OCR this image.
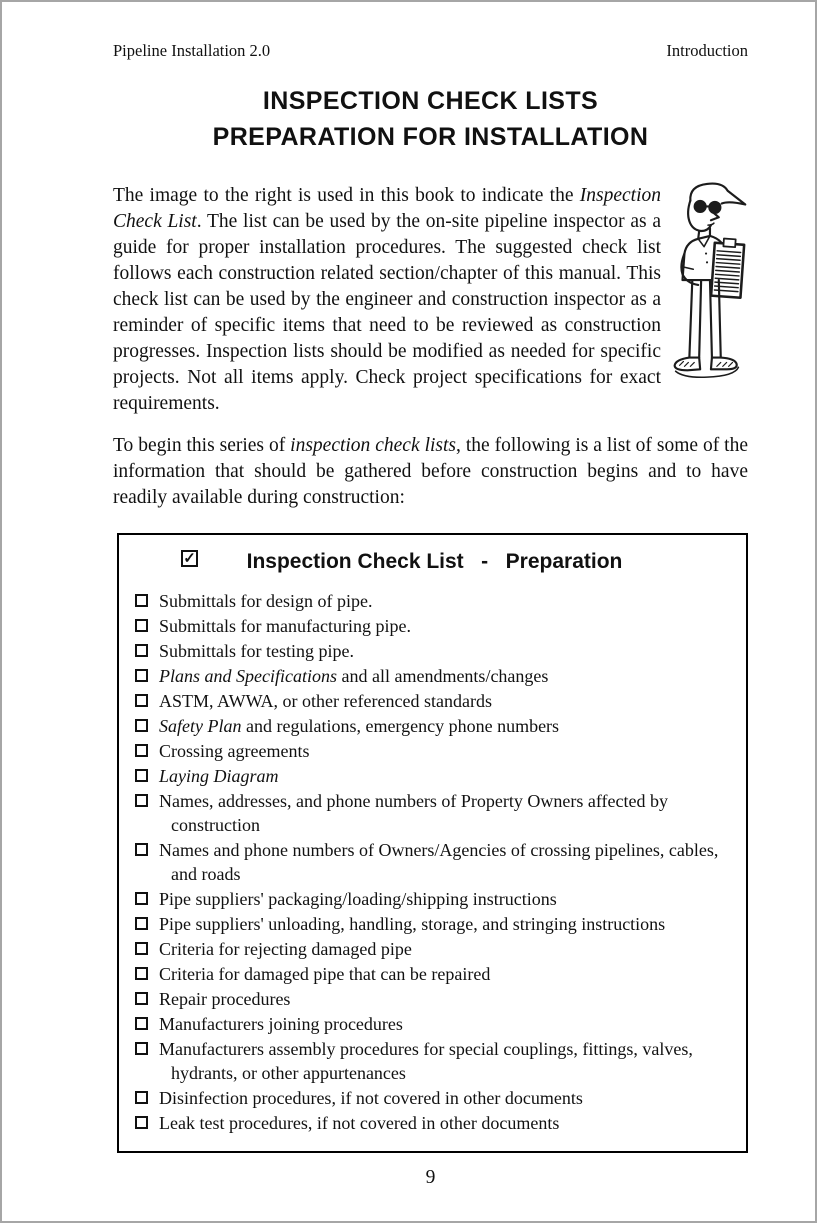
Pipeline Installation 2.0	Introduction
INSPECTION CHECK LISTS
PREPARATION FOR INSTALLATION

The image to the right is used in this book to indicate the Inspection Check List. The list can be used by the on-site pipeline inspector as a guide for proper installation procedures. The suggested check list follows each construction related section/chapter of this manual. This check list can be used by the engineer and construction inspector as a reminder of specific items that need to be reviewed as construction progresses. Inspection lists should be modified as needed for specific projects. Not all items apply. Check project specifications for exact requirements.

To begin this series of inspection check lists, the following is a list of some of the information that should be gathered before construction begins and to have readily available during construction:

✓	Inspection Check List   -   Preparation
Submittals for design of pipe.
Submittals for manufacturing pipe.
Submittals for testing pipe.
Plans and Specifications and all amendments/changes
ASTM, AWWA, or other referenced standards
Safety Plan and regulations, emergency phone numbers
Crossing agreements
Laying Diagram
Names, addresses, and phone numbers of Property Owners affected by construction
Names and phone numbers of Owners/Agencies of crossing pipelines, cables, and roads
Pipe suppliers' packaging/loading/shipping instructions
Pipe suppliers' unloading, handling, storage, and stringing instructions
Criteria for rejecting damaged pipe
Criteria for damaged pipe that can be repaired
Repair procedures
Manufacturers joining procedures
Manufacturers assembly procedures for special couplings, fittings, valves, hydrants, or other appurtenances
Disinfection procedures, if not covered in other documents
Leak test procedures, if not covered in other documents
9
